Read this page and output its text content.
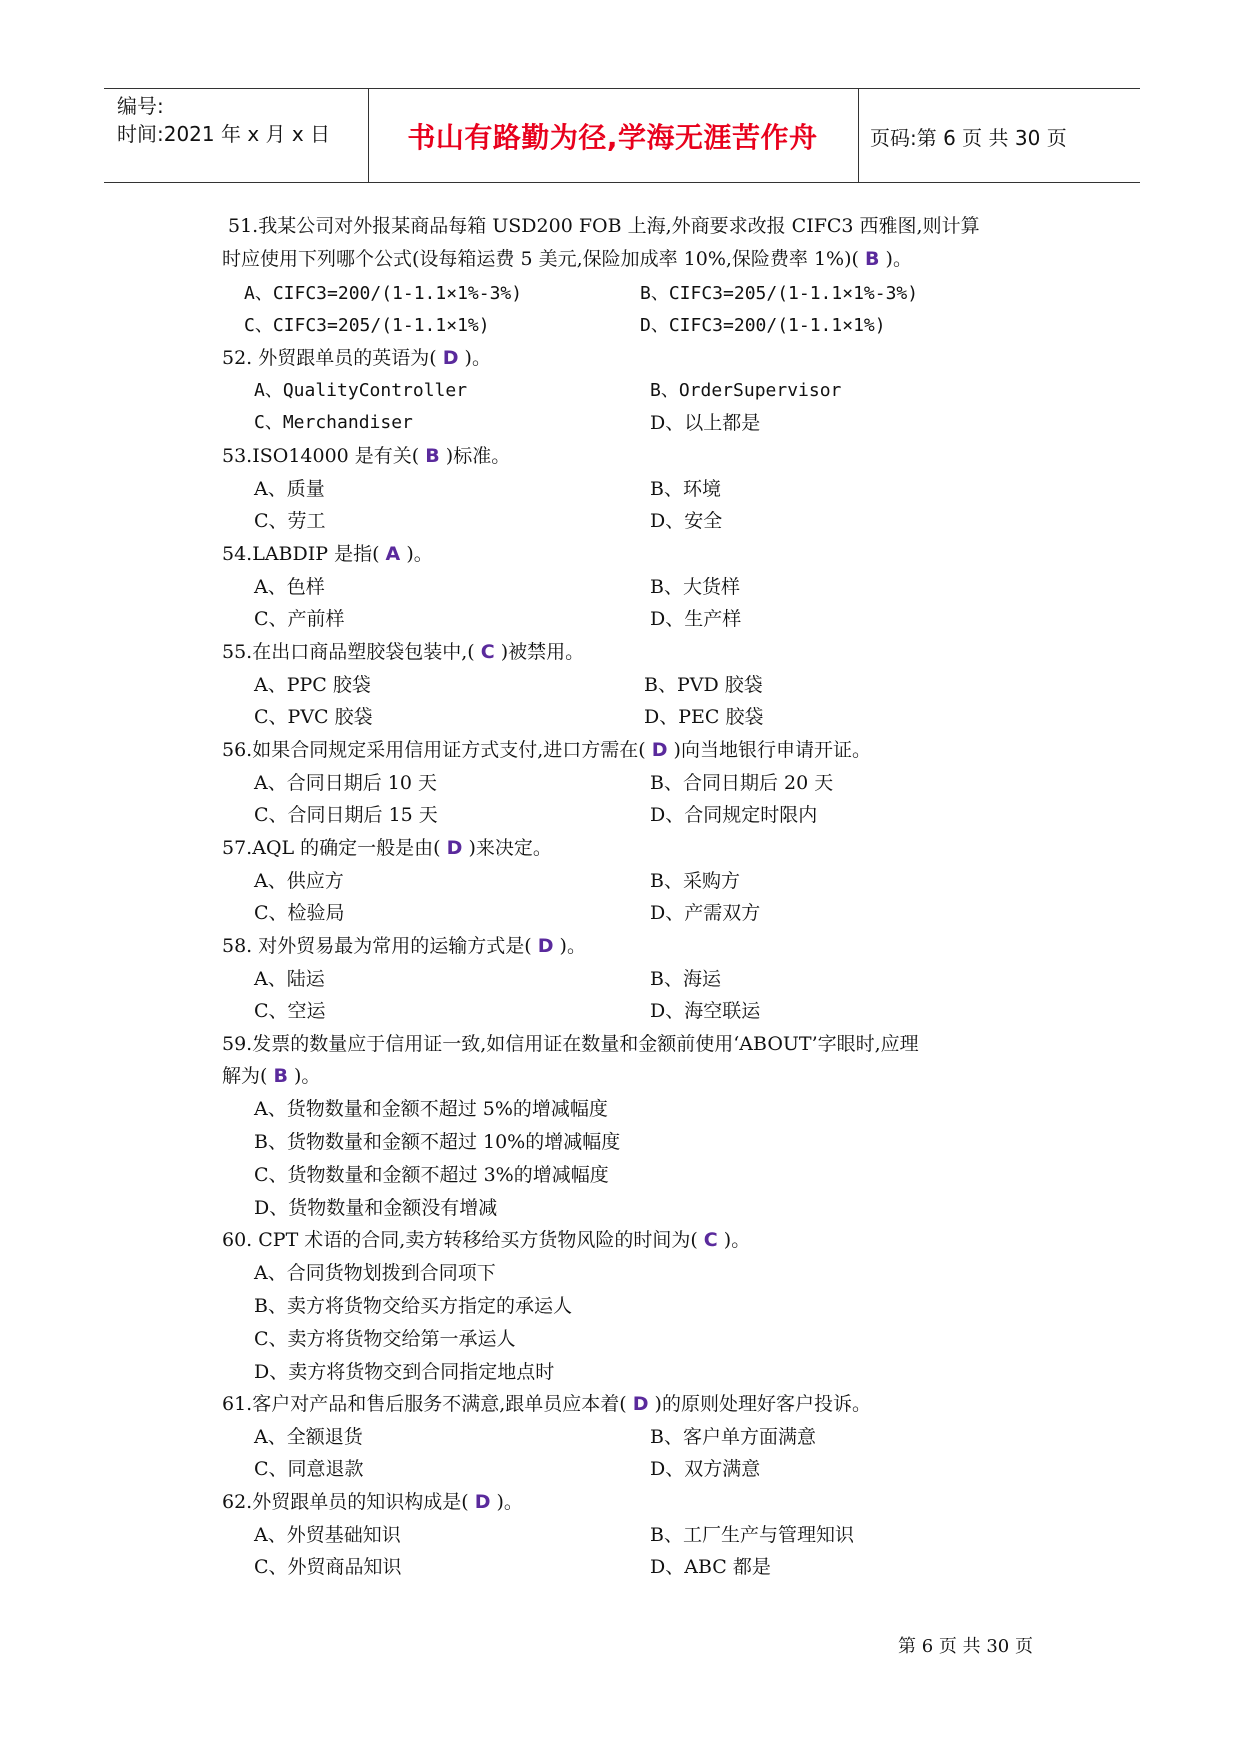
编号:
时间:2021 年 x 月 x 日	书山有路勤为径,学海无涯苦作舟	页码:第 6 页 共 30 页
51.我某公司对外报某商品每箱 USD200 FOB 上海,外商要求改报 CIFC3 西雅图,则计算
时应使用下列哪个公式(设每箱运费 5 美元,保险加成率 10%,保险费率 1%)( B )。
A、CIFC3=200/(1-1.1×1%-3%)	B、CIFC3=205/(1-1.1×1%-3%)
C、CIFC3=205/(1-1.1×1%)	D、CIFC3=200/(1-1.1×1%)
52. 外贸跟单员的英语为( D )。
A、QualityController	B、OrderSupervisor
C、Merchandiser	D、以上都是
53.ISO14000 是有关( B )标准。
A、质量	B、环境
C、劳工	D、安全
54.LABDIP 是指( A )。
A、色样	B、大货样
C、产前样	D、生产样
55.在出口商品塑胶袋包装中,( C )被禁用。
A、PPC 胶袋	B、PVD 胶袋
C、PVC 胶袋	D、PEC 胶袋
56.如果合同规定采用信用证方式支付,进口方需在( D )向当地银行申请开证。
A、合同日期后 10 天	B、合同日期后 20 天
C、合同日期后 15 天	D、合同规定时限内
57.AQL 的确定一般是由( D )来决定。
A、供应方	B、采购方
C、检验局	D、产需双方
58. 对外贸易最为常用的运输方式是( D )。
A、陆运	B、海运
C、空运	D、海空联运
59.发票的数量应于信用证一致,如信用证在数量和金额前使用‘ABOUT’字眼时,应理
解为( B )。
A、货物数量和金额不超过 5%的增减幅度
B、货物数量和金额不超过 10%的增减幅度
C、货物数量和金额不超过 3%的增减幅度
D、货物数量和金额没有增减
60. CPT 术语的合同,卖方转移给买方货物风险的时间为( C )。
A、合同货物划拨到合同项下
B、卖方将货物交给买方指定的承运人
C、卖方将货物交给第一承运人
D、卖方将货物交到合同指定地点时
61.客户对产品和售后服务不满意,跟单员应本着( D )的原则处理好客户投诉。
A、全额退货	B、客户单方面满意
C、同意退款	D、双方满意
62.外贸跟单员的知识构成是( D )。
A、外贸基础知识	B、工厂生产与管理知识
C、外贸商品知识	D、ABC 都是
第 6 页 共 30 页
